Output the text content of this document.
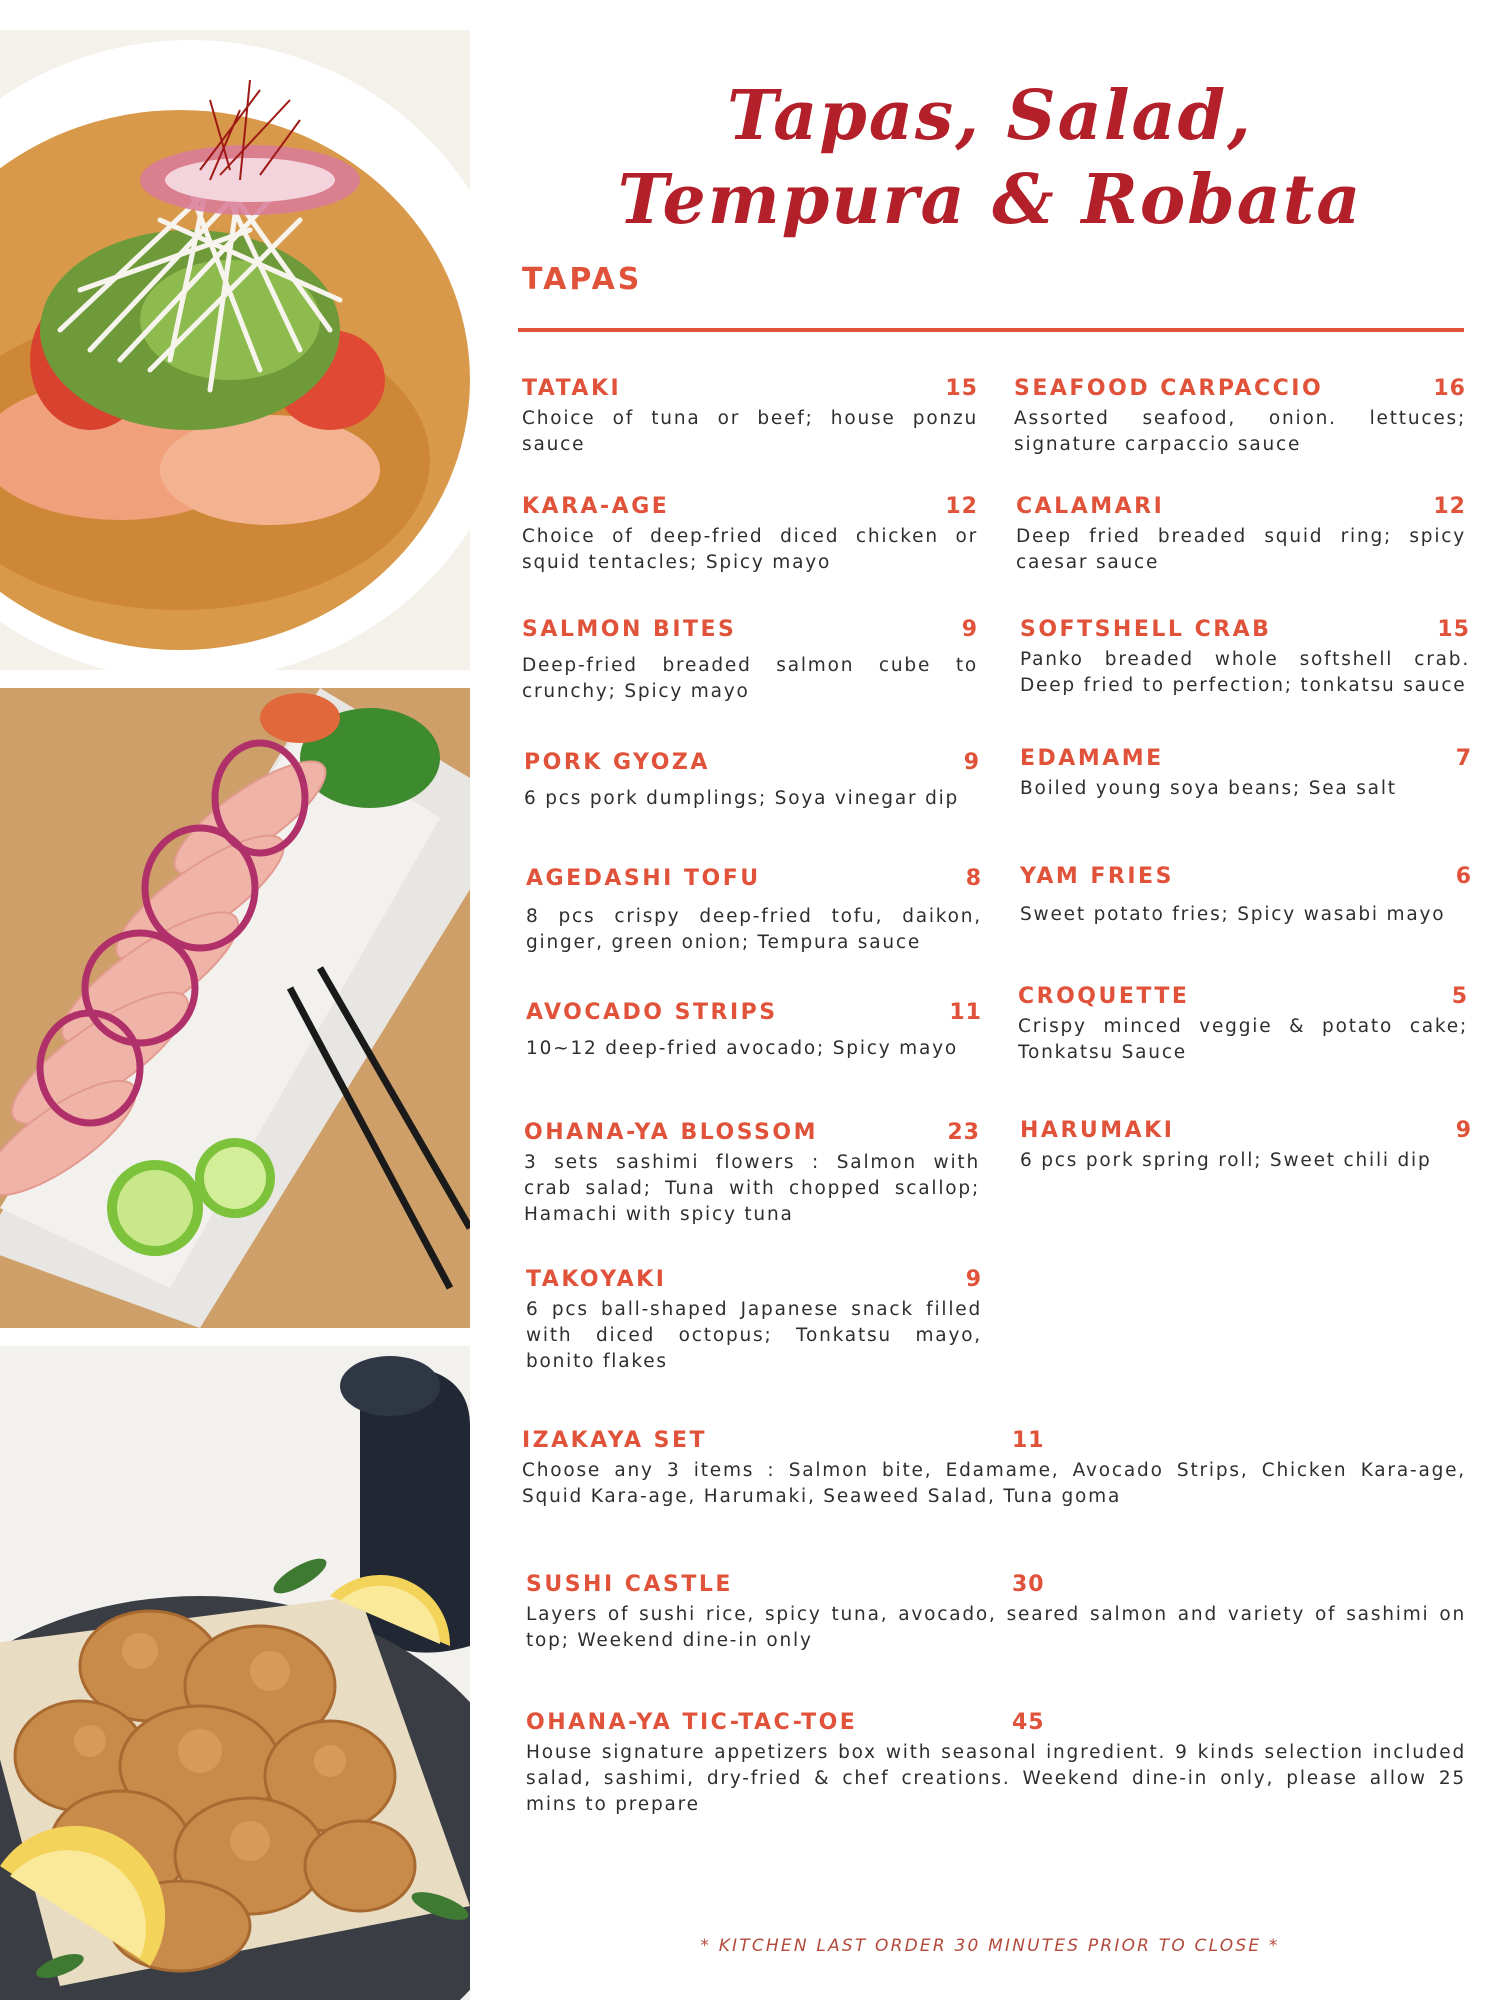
Tapas, Salad,
Tempura & Robata
TAPAS
TATAKI	15
Choice of tuna or beef; house ponzu sauce
KARA-AGE	12
Choice of deep-fried diced chicken or squid tentacles; Spicy mayo
SALMON BITES	9
Deep-fried breaded salmon cube to crunchy; Spicy mayo
PORK GYOZA	9
6 pcs pork dumplings; Soya vinegar dip
AGEDASHI TOFU	8
8 pcs crispy deep-fried tofu, daikon, ginger, green onion; Tempura sauce
AVOCADO STRIPS	11
10~12 deep-fried avocado; Spicy mayo
OHANA-YA BLOSSOM	23
3 sets sashimi flowers : Salmon with crab salad; Tuna with chopped scallop; Hamachi with spicy tuna
TAKOYAKI	9
6 pcs ball-shaped Japanese snack filled with diced octopus; Tonkatsu mayo, bonito flakes
SEAFOOD CARPACCIO	16
Assorted seafood, onion. lettuces; signature carpaccio sauce
CALAMARI	12
Deep fried breaded squid ring; spicy caesar sauce
SOFTSHELL CRAB	15
Panko breaded whole softshell crab. Deep fried to perfection; tonkatsu sauce
EDAMAME	7
Boiled young soya beans; Sea salt
YAM FRIES	6
Sweet potato fries; Spicy wasabi mayo
CROQUETTE	5
Crispy minced veggie & potato cake; Tonkatsu Sauce
HARUMAKI	9
6 pcs pork spring roll; Sweet chili dip
IZAKAYA SET	11
Choose any 3 items : Salmon bite, Edamame, Avocado Strips, Chicken Kara-age, Squid Kara-age, Harumaki, Seaweed Salad, Tuna goma
SUSHI CASTLE	30
Layers of sushi rice, spicy tuna, avocado, seared salmon and variety of sashimi on top; Weekend dine-in only
OHANA-YA TIC-TAC-TOE	45
House signature appetizers box with seasonal ingredient. 9 kinds selection included salad, sashimi, dry-fried & chef creations. Weekend dine-in only, please allow 25 mins to prepare
* KITCHEN LAST ORDER 30 MINUTES PRIOR TO CLOSE *
